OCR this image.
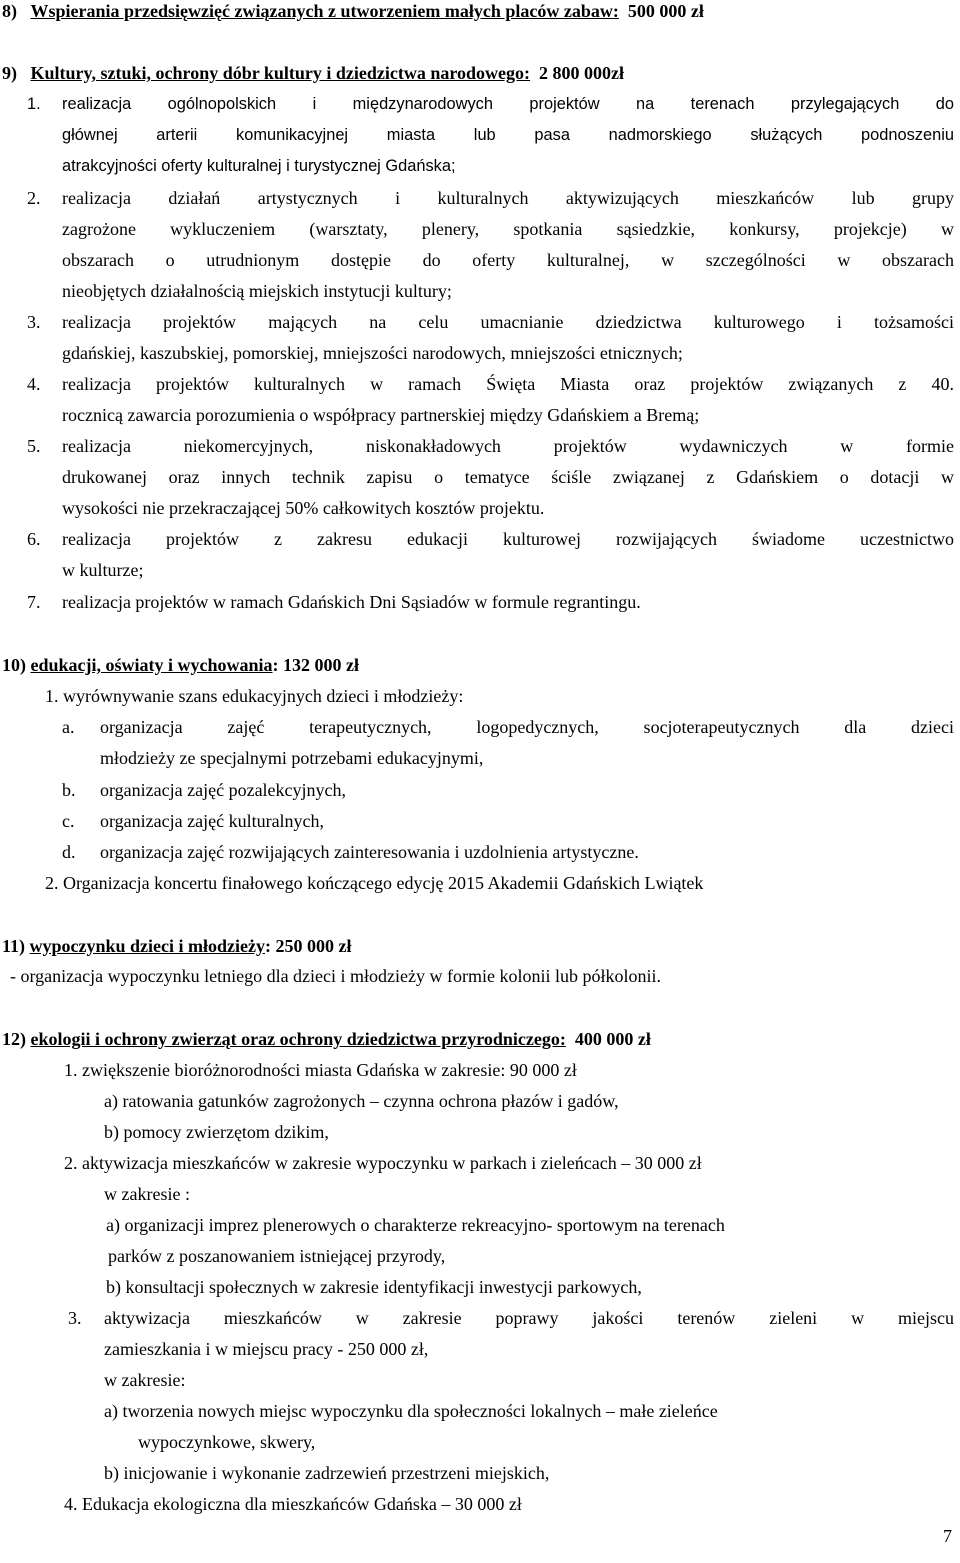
8) Wspierania przedsięwzięć związanych z utworzeniem małych placów zabaw: 500 000 zł
9) Kultury, sztuki, ochrony dóbr kultury i dziedzictwa narodowego: 2 800 000zł
1. realizacja ogólnopolskich i międzynarodowych projektów na terenach przylegających do
głównej arterii komunikacyjnej miasta lub pasa nadmorskiego służących podnoszeniu
atrakcyjności oferty kulturalnej i turystycznej Gdańska;
2. realizacja działań artystycznych i kulturalnych aktywizujących mieszkańców lub grupy
zagrożone wykluczeniem (warsztaty, plenery, spotkania sąsiedzkie, konkursy, projekcje) w
obszarach o utrudnionym dostępie do oferty kulturalnej, w szczególności w obszarach
nieobjętych działalnością miejskich instytucji kultury;
3. realizacja projektów mających na celu umacnianie dziedzictwa kulturowego i tożsamości
gdańskiej, kaszubskiej, pomorskiej, mniejszości narodowych, mniejszości etnicznych;
4. realizacja projektów kulturalnych w ramach Święta Miasta oraz projektów związanych z 40.
rocznicą zawarcia porozumienia o współpracy partnerskiej między Gdańskiem a Bremą;
5. realizacja niekomercyjnych, niskonakładowych projektów wydawniczych w formie
drukowanej oraz innych technik zapisu o tematyce ściśle związanej z Gdańskiem o dotacji w
wysokości nie przekraczającej 50% całkowitych kosztów projektu.
6. realizacja projektów z zakresu edukacji kulturowej rozwijających świadome uczestnictwo
w kulturze;
7. realizacja projektów w ramach Gdańskich Dni Sąsiadów w formule regrantingu.
10) edukacji, oświaty i wychowania: 132 000 zł
1. wyrównywanie szans edukacyjnych dzieci i młodzieży:
a. organizacja zajęć terapeutycznych, logopedycznych, socjoterapeutycznych dla dzieci
młodzieży ze specjalnymi potrzebami edukacyjnymi,
b. organizacja zajęć pozalekcyjnych,
c. organizacja zajęć kulturalnych,
d. organizacja zajęć rozwijających zainteresowania i uzdolnienia artystyczne.
2. Organizacja koncertu finałowego kończącego edycję 2015 Akademii Gdańskich Lwiątek
11) wypoczynku dzieci i młodzieży: 250 000 zł
- organizacja wypoczynku letniego dla dzieci i młodzieży w formie kolonii lub półkolonii.
12) ekologii i ochrony zwierząt oraz ochrony dziedzictwa przyrodniczego: 400 000 zł
1. zwiększenie bioróżnorodności miasta Gdańska w zakresie: 90 000 zł
a) ratowania gatunków zagrożonych – czynna ochrona płazów i gadów,
b) pomocy zwierzętom dzikim,
2. aktywizacja mieszkańców w zakresie wypoczynku w parkach i zieleńcach – 30 000 zł
w zakresie :
a) organizacji imprez plenerowych o charakterze rekreacyjno- sportowym na terenach
parków z poszanowaniem istniejącej przyrody,
b) konsultacji społecznych w zakresie identyfikacji inwestycji parkowych,
3. aktywizacja mieszkańców w zakresie poprawy jakości terenów zieleni w miejscu
zamieszkania i w miejscu pracy - 250 000 zł,
w zakresie:
a) tworzenia nowych miejsc wypoczynku dla społeczności lokalnych – małe zieleńce
wypoczynkowe, skwery,
b) inicjowanie i wykonanie zadrzewień przestrzeni miejskich,
4. Edukacja ekologiczna dla mieszkańców Gdańska – 30 000 zł
7
